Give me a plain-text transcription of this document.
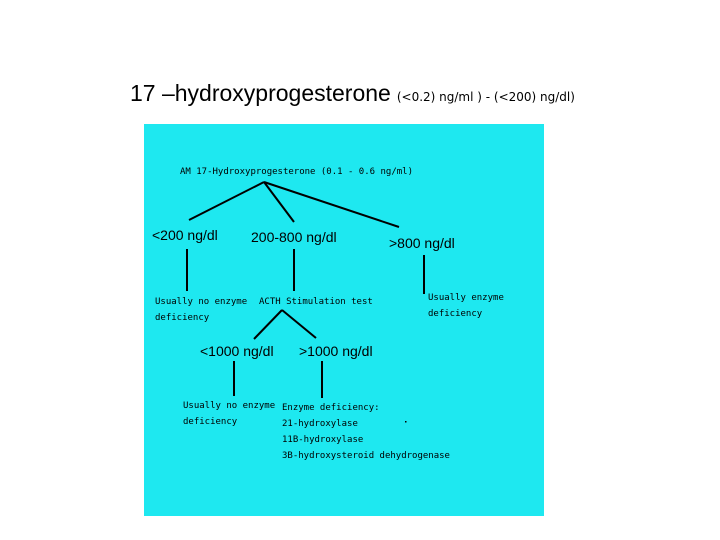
17 –hydroxyprogesterone (<0.2) ng/ml ) - (<200) ng/dl)
AM 17-Hydroxyprogesterone (0.1 - 0.6 ng/ml)
<200 ng/dl 200-800 ng/dl	>800 ng/dl
Usually no enzyme
deficiency
ACTH Stimulation test	Usually enzyme
deficiency
<1000 ng/dl >1000 ng/dl
Usually no enzyme
deficiency
Enzyme deficiency:
21-hydroxylase
11B-hydroxylase
3B-hydroxysteroid dehydrogenase
